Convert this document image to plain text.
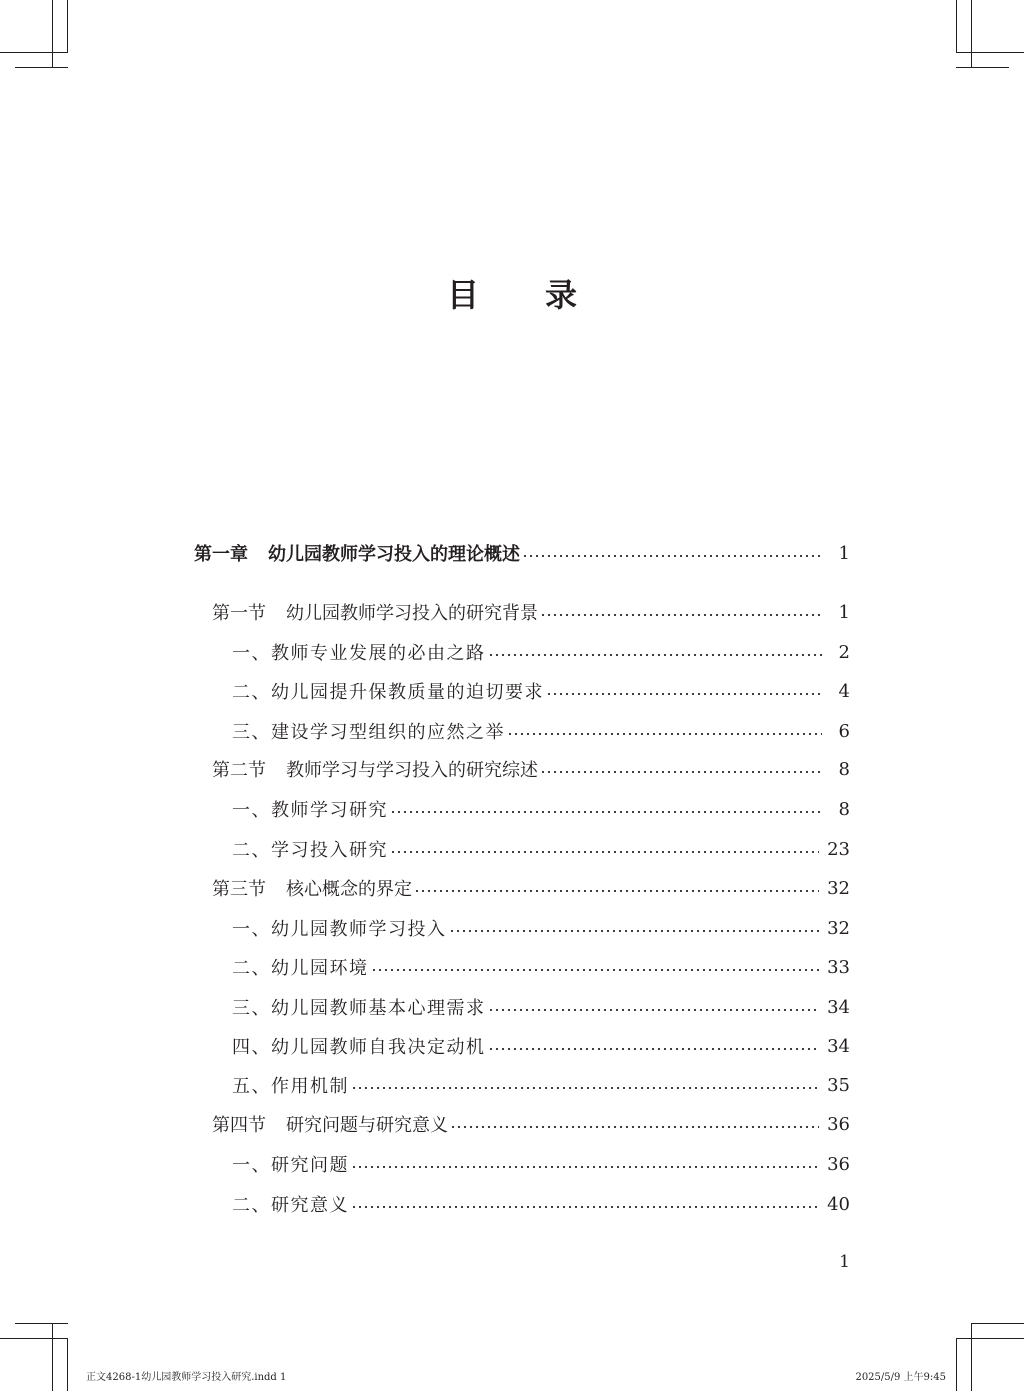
目 录
第一章 幼儿园教师学习投入的理论概述	1
第一节 幼儿园教师学习投入的研究背景	1
一、教师专业发展的必由之路	2
二、幼儿园提升保教质量的迫切要求	4
三、建设学习型组织的应然之举	6
第二节 教师学习与学习投入的研究综述	8
一、教师学习研究	8
二、学习投入研究	23
第三节 核心概念的界定	32
一、幼儿园教师学习投入	32
二、幼儿园环境	33
三、幼儿园教师基本心理需求	34
四、幼儿园教师自我决定动机	34
五、作用机制	35
第四节 研究问题与研究意义	36
一、研究问题	36
二、研究意义	40
1
正文4268-1幼儿园教师学习投入研究.indd 1	2025/5/9 上午9:45
